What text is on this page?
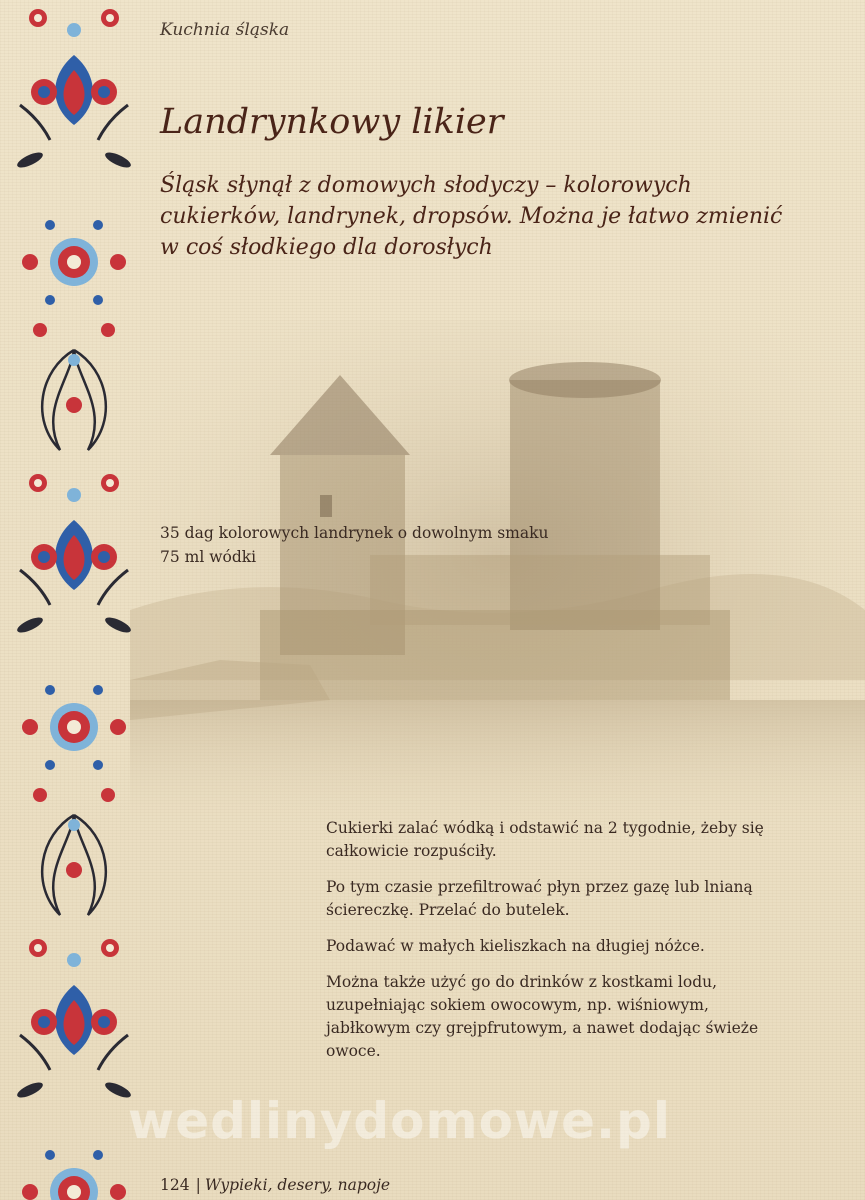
Kuchnia śląska
Landrynkowy likier

Śląsk słynął z domowych słodyczy – kolorowych cukierków, landrynek, dropsów. Można je łatwo zmienić w coś słodkiego dla dorosłych

35 dag kolorowych landrynek o dowolnym smaku
75 ml wódki

Cukierki zalać wódką i odstawić na 2 tygodnie, żeby się całkowicie rozpuściły.

Po tym czasie przefiltrować płyn przez gazę lub lnianą ściereczkę. Przelać do butelek.

Podawać w małych kieliszkach na długiej nóżce.

Można także użyć go do drinków z kostkami lodu, uzupełniając sokiem owocowym, np. wiśniowym, jabłkowym czy grejpfrutowym, a nawet dodając świeże owoce.

wedlinydomowe.pl
124 | Wypieki, desery, napoje
